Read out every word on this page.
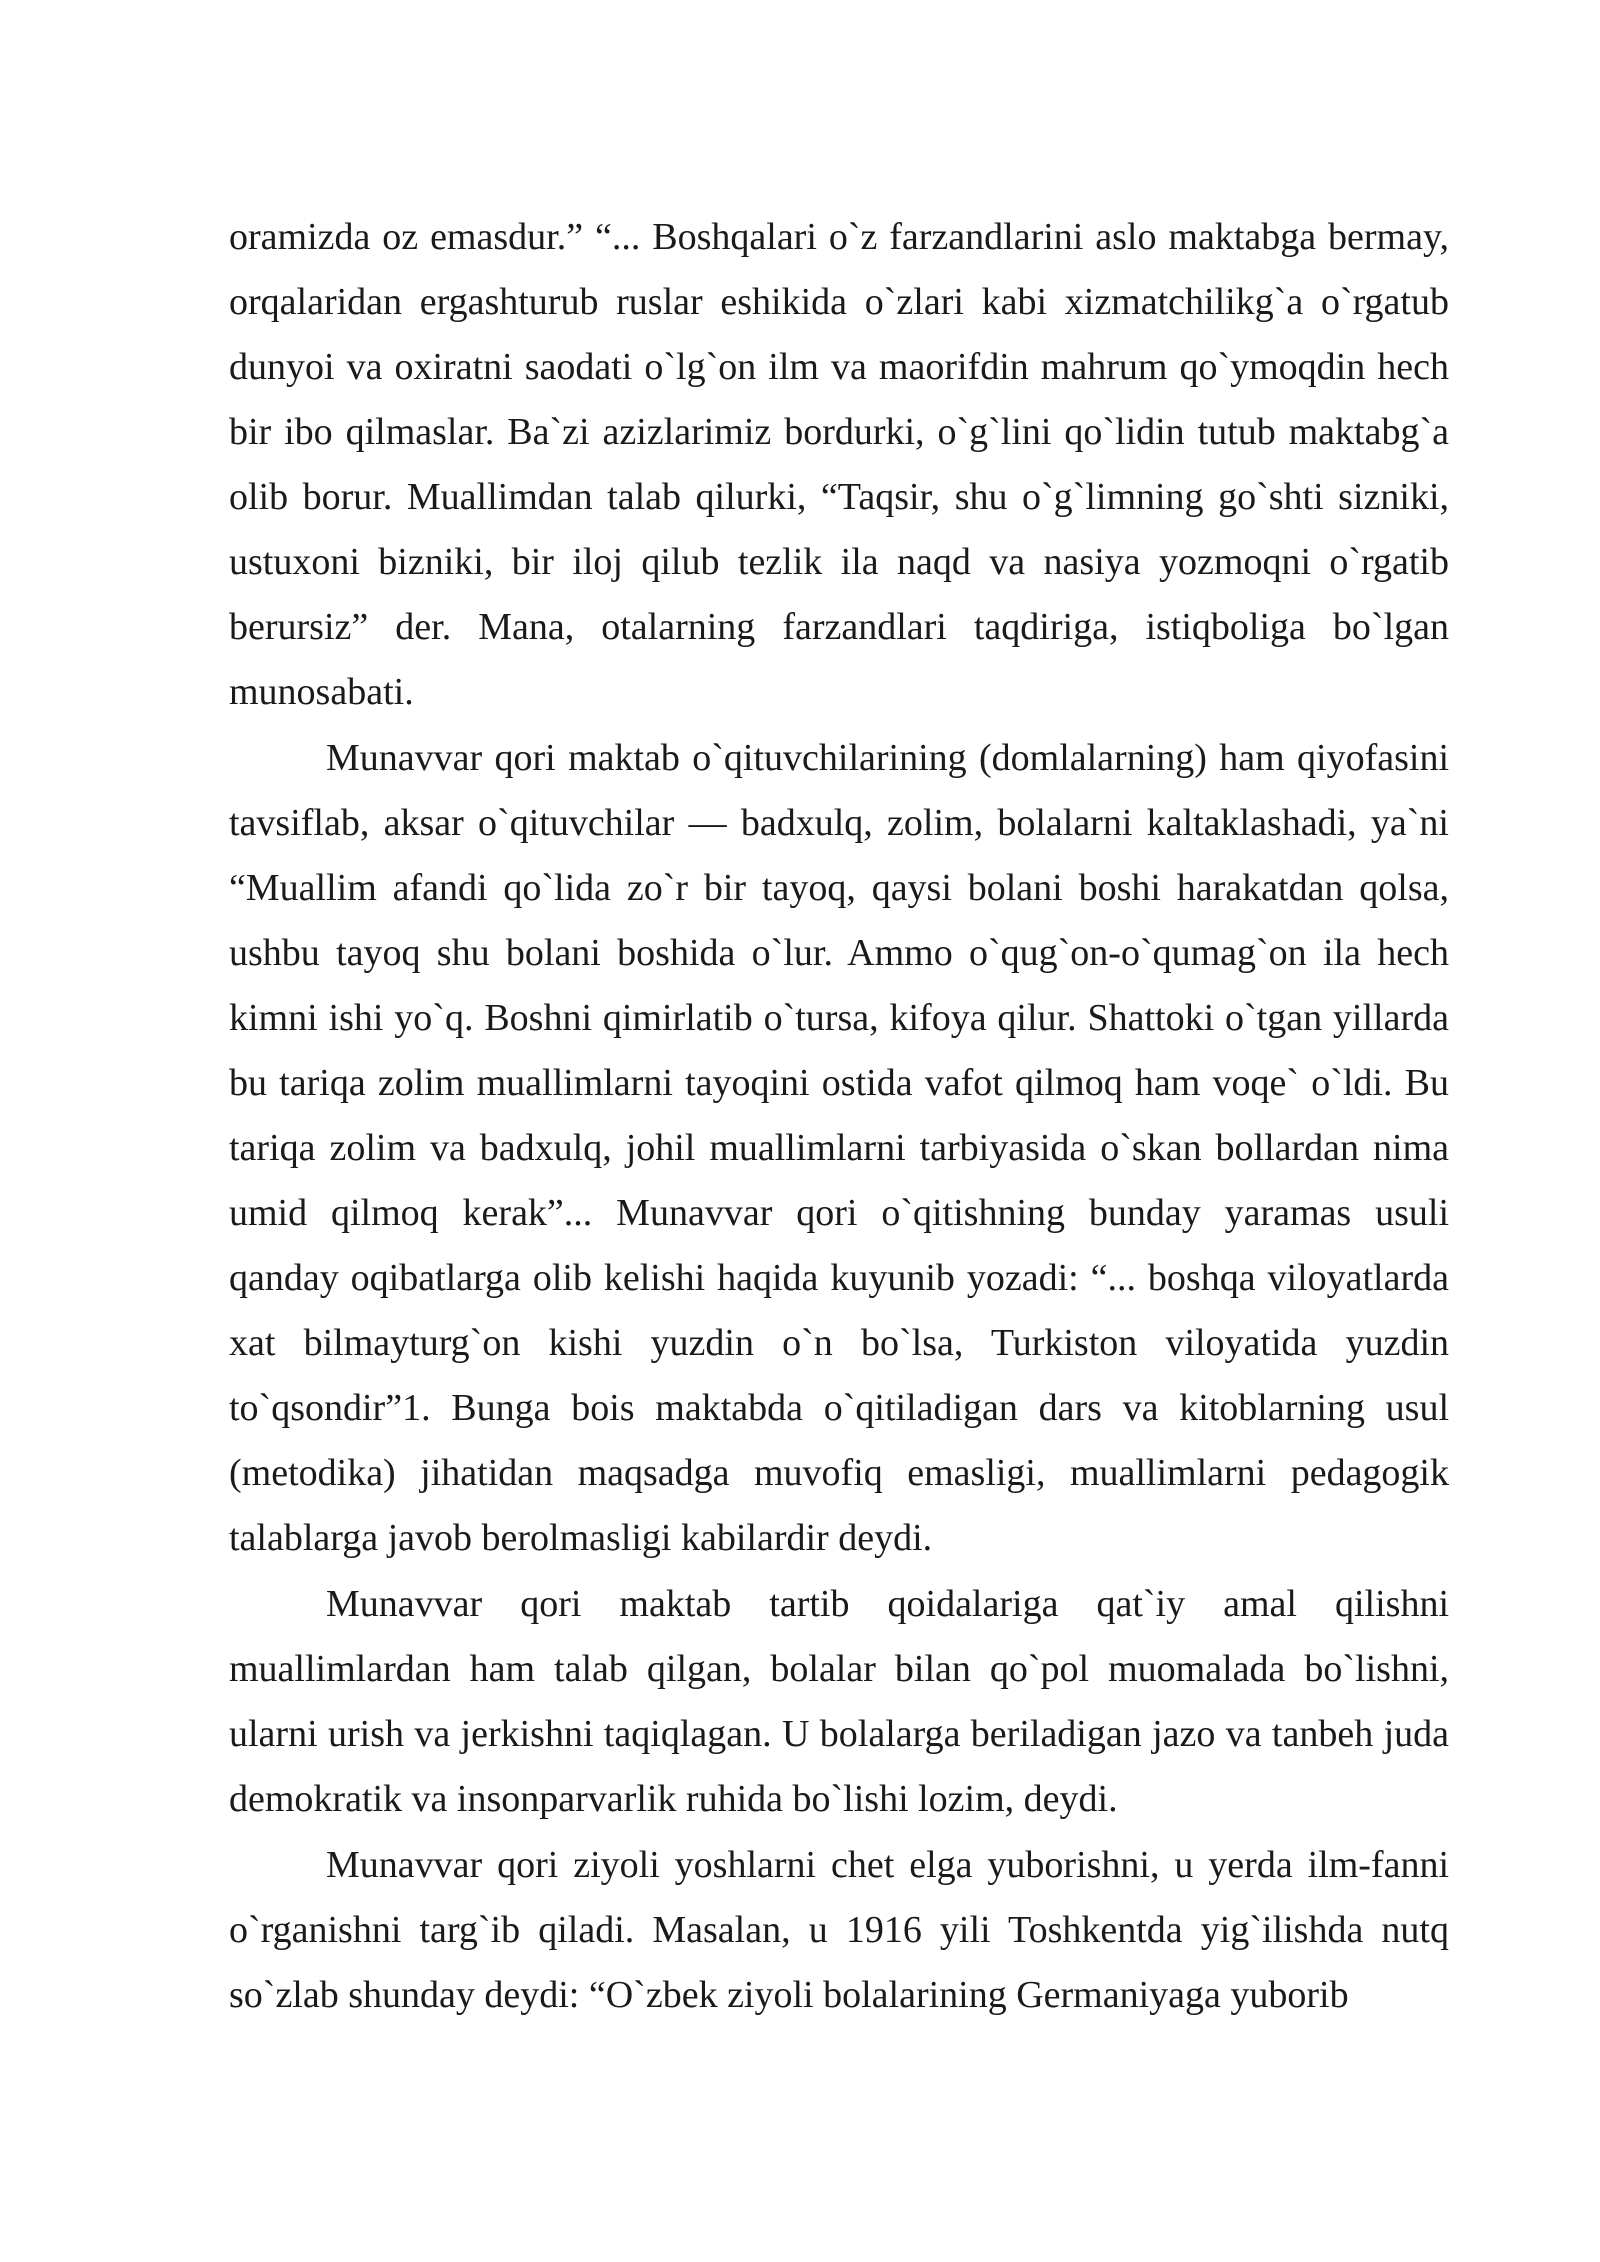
oramizda oz emasdur.” “... Boshqalari o`z farzandlarini aslo maktabga bermay, orqalaridan ergashturub ruslar eshikida o`zlari kabi xizmatchilikg`a o`rgatub dunyoi va oxiratni saodati o`lg`on ilm va maorifdin mahrum qo`ymoqdin hech bir ibo qilmaslar. Ba`zi azizlarimiz bordurki, o`g`lini qo`lidin tutub maktabg`a olib borur. Muallimdan talab qilurki, “Taqsir, shu o`g`limning go`shti sizniki, ustuxoni bizniki, bir iloj qilub tezlik ila naqd va nasiya yozmoqni o`rgatib berursiz” der. Mana, otalarning farzandlari taqdiriga, istiqboliga bo`lgan munosabati.

Munavvar qori maktab o`qituvchilarining (domlalarning) ham qiyofasini tavsiflab, aksar o`qituvchilar — badxulq, zolim, bolalarni kaltaklashadi, ya`ni “Muallim afandi qo`lida zo`r bir tayoq, qaysi bolani boshi harakatdan qolsa, ushbu tayoq shu bolani boshida o`lur. Ammo o`qug`on-o`qumag`on ila hech kimni ishi yo`q. Boshni qimirlatib o`tursa, kifoya qilur. Shattoki o`tgan yillarda bu tariqa zolim muallimlarni tayoqini ostida vafot qilmoq ham voqe` o`ldi. Bu tariqa zolim va badxulq, johil muallimlarni tarbiyasida o`skan bollardan nima umid qilmoq kerak”... Munavvar qori o`qitishning bunday yaramas usuli qanday oqibatlarga olib kelishi haqida kuyunib yozadi: “... boshqa viloyatlarda xat bilmayturg`on kishi yuzdin o`n bo`lsa, Turkiston viloyatida yuzdin to`qsondir”1. Bunga bois maktabda o`qitiladigan dars va kitoblarning usul (metodika) jihatidan maqsadga muvofiq emasligi, muallimlarni pedagogik talablarga javob berolmasligi kabilardir deydi.

Munavvar qori maktab tartib qoidalariga qat`iy amal qilishni muallimlardan ham talab qilgan, bolalar bilan qo`pol muomalada bo`lishni, ularni urish va jerkishni taqiqlagan. U bolalarga beriladigan jazo va tanbeh juda demokratik va insonparvarlik ruhida bo`lishi lozim, deydi.

Munavvar qori ziyoli yoshlarni chet elga yuborishni, u yerda ilm-fanni o`rganishni targ`ib qiladi. Masalan, u 1916 yili Toshkentda yig`ilishda nutq so`zlab shunday deydi: “O`zbek ziyoli bolalarining Germaniyaga yuborib
